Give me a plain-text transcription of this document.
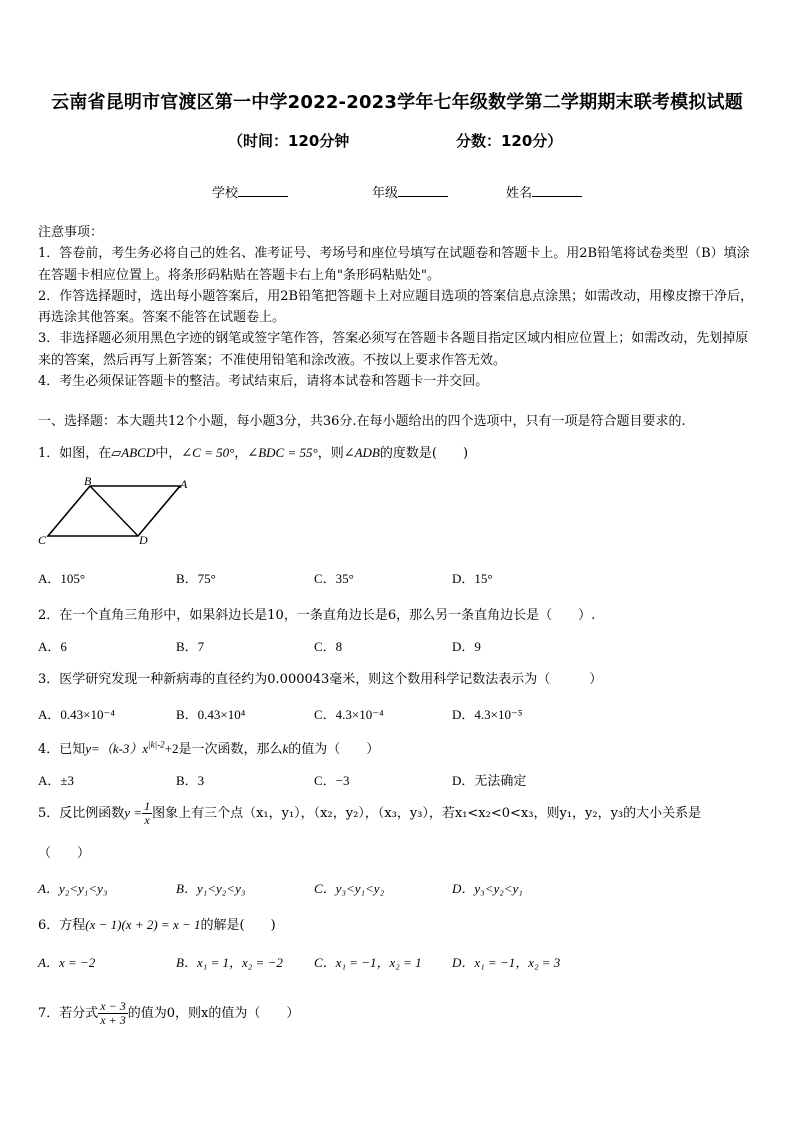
云南省昆明市官渡区第一中学2022-2023学年七年级数学第二学期期末联考模拟试题
（时间：120分钟	分数：120分）
学校	年级	姓名

注意事项：

1．答卷前，考生务必将自己的姓名、准考证号、考场号和座位号填写在试题卷和答题卡上。用2B铅笔将试卷类型（B）填涂在答题卡相应位置上。将条形码粘贴在答题卡右上角"条形码粘贴处"。

2．作答选择题时，选出每小题答案后，用2B铅笔把答题卡上对应题目选项的答案信息点涂黑；如需改动，用橡皮擦干净后，再选涂其他答案。答案不能答在试题卷上。

3．非选择题必须用黑色字迹的钢笔或签字笔作答，答案必须写在答题卡各题目指定区域内相应位置上；如需改动，先划掉原来的答案，然后再写上新答案；不准使用铅笔和涂改液。不按以上要求作答无效。

4．考生必须保证答题卡的整洁。考试结束后，请将本试卷和答题卡一并交回。

一、选择题：本大题共12个小题，每小题3分，共36分.在每小题给出的四个选项中，只有一项是符合题目要求的.
1．如图，在▱ABCD中，∠C = 50°，∠BDC = 55°，则∠ADB的度数是(　　)
B	A
C	D
A．105°	B．75°	C．35°	D．15°
2．在一个直角三角形中，如果斜边长是10，一条直角边长是6，那么另一条直角边长是（　　）.
A．6	B．7	C．8	D．9
3．医学研究发现一种新病毒的直径约为0.000043毫米，则这个数用科学记数法表示为（　　　）
A．0.43×10⁻⁴	B．0.43×10⁴	C．4.3×10⁻⁴	D．4.3×10⁻⁵
4．已知$y=(k-3)x^{|k|-2}+2$是一次函数，那么k的值为（　　）
A．±3	B．3	C．−3	D．无法确定
5．反比例函数$y = \frac{1}{x}$ 图象上有三个点（x₁，y₁），（x₂，y₂），（x₃，y₃），若x₁<x₂<0<x₃，则y₁，y₂，y₃的大小关系是
（　　）
A．y₂<y₁<y₃	B．y₁<y₂<y₃	C．y₃<y₁<y₂	D．y₃<y₂<y₁
6．方程(x − 1)(x + 2) = x − 1的解是(　　)
A．x = −2	B．x₁ = 1，x₂ = −2 C．x₁ = −1，x₂ = 1 D．x₁ = −1，x₂ = 3
7．若分式 $\frac{x - 3}{x + 3}$ 的值为0，则x的值为（　　）
